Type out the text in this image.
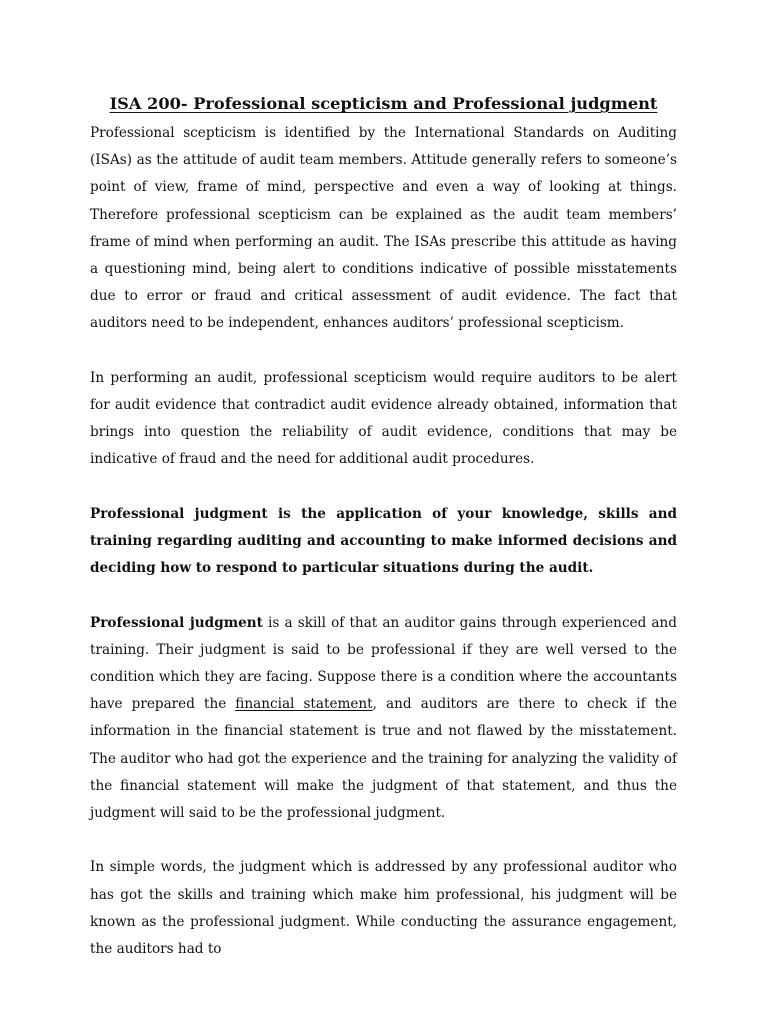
ISA 200- Professional scepticism and Professional judgment

Professional scepticism is identified by the International Standards on Auditing (ISAs) as the attitude of audit team members. Attitude generally refers to someone’s point of view, frame of mind, perspective and even a way of looking at things. Therefore professional scepticism can be explained as the audit team members’ frame of mind when performing an audit. The ISAs prescribe this attitude as having a questioning mind, being alert to conditions indicative of possible misstatements due to error or fraud and critical assessment of audit evidence. The fact that auditors need to be independent, enhances auditors’ professional scepticism.

In performing an audit, professional scepticism would require auditors to be alert for audit evidence that contradict audit evidence already obtained, information that brings into question the reliability of audit evidence, conditions that may be indicative of fraud and the need for additional audit procedures.

Professional judgment is the application of your knowledge, skills and training regarding auditing and accounting to make informed decisions and deciding how to respond to particular situations during the audit.

Professional judgment is a skill of that an auditor gains through experienced and training. Their judgment is said to be professional if they are well versed to the condition which they are facing. Suppose there is a condition where the accountants have prepared the financial statement, and auditors are there to check if the information in the financial statement is true and not flawed by the misstatement. The auditor who had got the experience and the training for analyzing the validity of the financial statement will make the judgment of that statement, and thus the judgment will said to be the professional judgment.

In simple words, the judgment which is addressed by any professional auditor who has got the skills and training which make him professional, his judgment will be known as the professional judgment. While conducting the assurance engagement, the auditors had to
